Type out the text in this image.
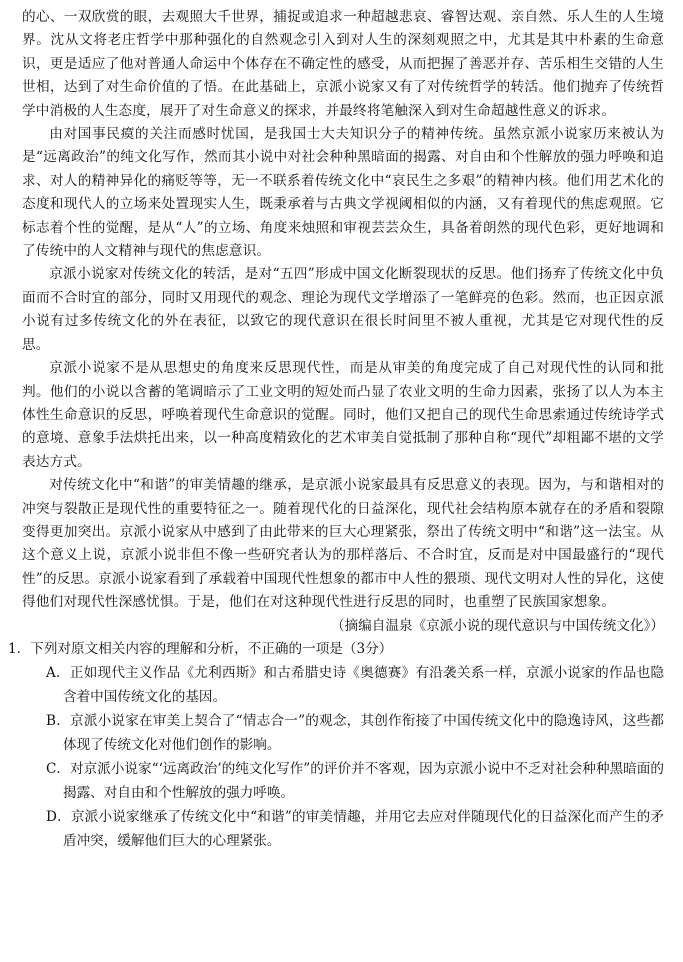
的心、一双欣赏的眼，去观照大千世界，捕捉或追求一种超越悲哀、睿智达观、亲自然、乐人生的人生境界。沈从文将老庄哲学中那种强化的自然观念引入到对人生的深刻观照之中，尤其是其中朴素的生命意识，更是适应了他对普通人命运中个体存在不确定性的感受，从而把握了善恶并存、苦乐相生交错的人生世相，达到了对生命价值的了悟。在此基础上，京派小说家又有了对传统哲学的转活。他们抛弃了传统哲学中消极的人生态度，展开了对生命意义的探求，并最终将笔触深入到对生命超越性意义的诉求。

由对国事民瘼的关注而感时忧国，是我国士大夫知识分子的精神传统。虽然京派小说家历来被认为是“远离政治”的纯文化写作，然而其小说中对社会种种黑暗面的揭露、对自由和个性解放的强力呼唤和追求、对人的精神异化的痛贬等等，无一不联系着传统文化中“哀民生之多艰”的精神内核。他们用艺术化的态度和现代人的立场来处置现实人生，既秉承着与古典文学视阈相似的内涵，又有着现代的焦虑观照。它标志着个性的觉醒，是从“人”的立场、角度来烛照和审视芸芸众生，具备着朗然的现代色彩，更好地调和了传统中的人文精神与现代的焦虑意识。

京派小说家对传统文化的转活，是对“五四”形成中国文化断裂现状的反思。他们扬弃了传统文化中负面而不合时宜的部分，同时又用现代的观念、理论为现代文学增添了一笔鲜亮的色彩。然而，也正因京派小说有过多传统文化的外在表征，以致它的现代意识在很长时间里不被人重视，尤其是它对现代性的反思。

京派小说家不是从思想史的角度来反思现代性，而是从审美的角度完成了自己对现代性的认同和批判。他们的小说以含蓄的笔调暗示了工业文明的短处而凸显了农业文明的生命力因素，张扬了以人为本主体性生命意识的反思，呼唤着现代生命意识的觉醒。同时，他们又把自己的现代生命思索通过传统诗学式的意境、意象手法烘托出来，以一种高度精致化的艺术审美自觉抵制了那种自称“现代”却粗鄙不堪的文学表达方式。

对传统文化中“和谐”的审美情趣的继承，是京派小说家最具有反思意义的表现。因为，与和谐相对的冲突与裂散正是现代性的重要特征之一。随着现代化的日益深化，现代社会结构原本就存在的矛盾和裂隙变得更加突出。京派小说家从中感到了由此带来的巨大心理紧张，祭出了传统文明中“和谐”这一法宝。从这个意义上说，京派小说非但不像一些研究者认为的那样落后、不合时宜，反而是对中国最盛行的“现代性”的反思。京派小说家看到了承载着中国现代性想象的都市中人性的猥琐、现代文明对人性的异化，这使得他们对现代性深感忧惧。于是，他们在对这种现代性进行反思的同时，也重塑了民族国家想象。

（摘编自温泉《京派小说的现代意识与中国传统文化》）

1．下列对原文相关内容的理解和分析，不正确的一项是（3分）

A．正如现代主义作品《尤利西斯》和古希腊史诗《奥德赛》有沿袭关系一样，京派小说家的作品也隐含着中国传统文化的基因。

B．京派小说家在审美上契合了“情志合一”的观念，其创作衔接了中国传统文化中的隐逸诗风，这些都体现了传统文化对他们创作的影响。

C．对京派小说家“‘远离政治’的纯文化写作”的评价并不客观，因为京派小说中不乏对社会种种黑暗面的揭露、对自由和个性解放的强力呼唤。

D．京派小说家继承了传统文化中“和谐”的审美情趣，并用它去应对伴随现代化的日益深化而产生的矛盾冲突，缓解他们巨大的心理紧张。
